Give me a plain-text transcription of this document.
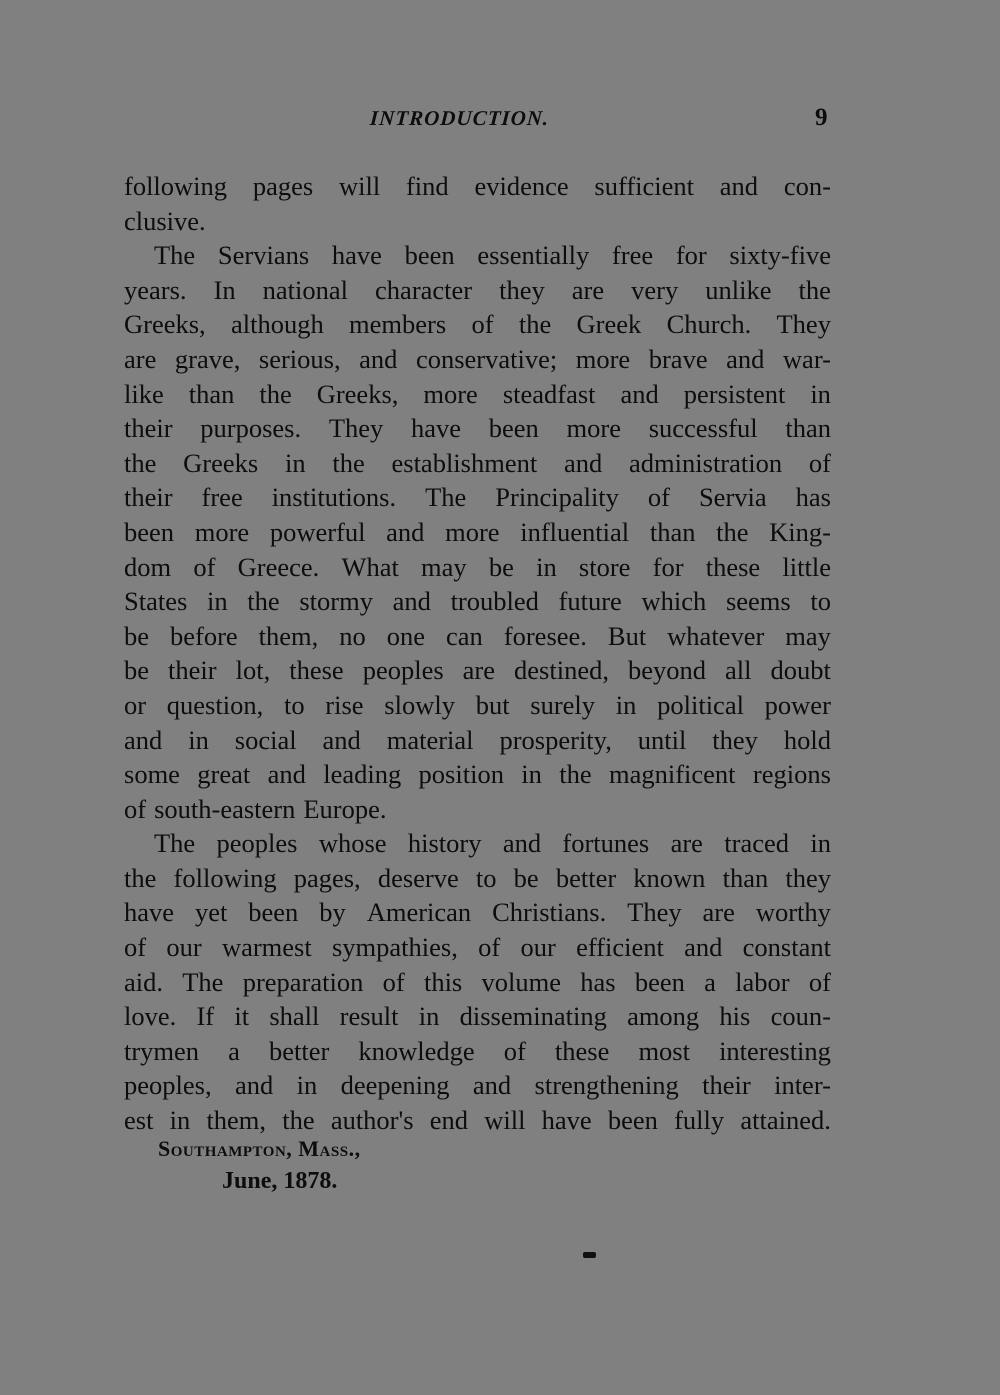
INTRODUCTION.	9
following pages will find evidence sufficient and con-
clusive.
The Servians have been essentially free for sixty-five
years. In national character they are very unlike the
Greeks, although members of the Greek Church. They
are grave, serious, and conservative; more brave and war-
like than the Greeks, more steadfast and persistent in
their purposes. They have been more successful than
the Greeks in the establishment and administration of
their free institutions. The Principality of Servia has
been more powerful and more influential than the King-
dom of Greece. What may be in store for these little
States in the stormy and troubled future which seems to
be before them, no one can foresee. But whatever may
be their lot, these peoples are destined, beyond all doubt
or question, to rise slowly but surely in political power
and in social and material prosperity, until they hold
some great and leading position in the magnificent regions
of south-eastern Europe.
The peoples whose history and fortunes are traced in
the following pages, deserve to be better known than they
have yet been by American Christians. They are worthy
of our warmest sympathies, of our efficient and constant
aid. The preparation of this volume has been a labor of
love. If it shall result in disseminating among his coun-
trymen a better knowledge of these most interesting
peoples, and in deepening and strengthening their inter-
est in them, the author's end will have been fully attained.
Southampton, Mass.,
June, 1878.
